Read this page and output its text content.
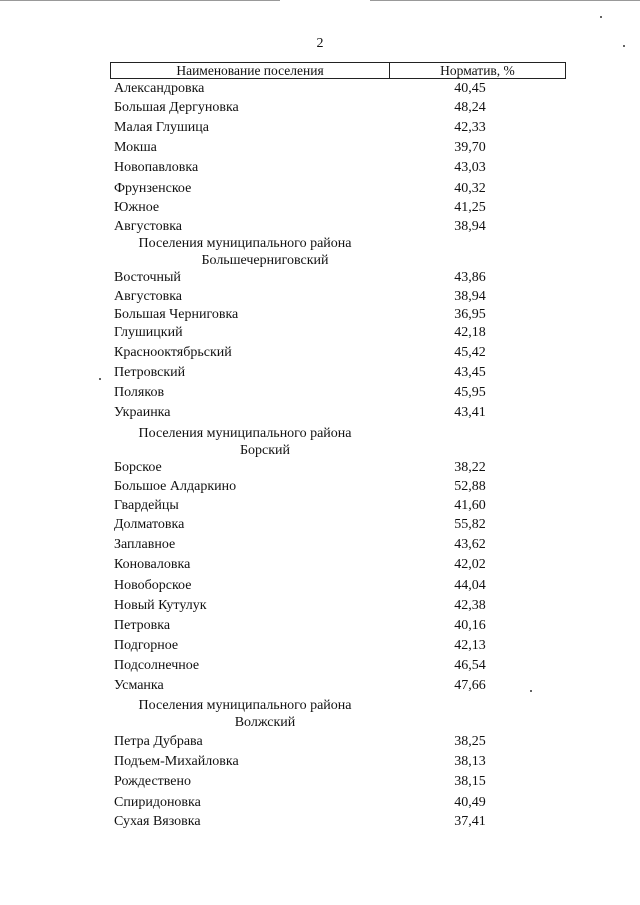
2
Наименование поселения	Норматив, %
Александровка	40,45
Большая Дергуновка	48,24
Малая Глушица	42,33
Мокша	39,70
Новопавловка	43,03
Фрунзенское	40,32
Южное	41,25
Августовка	38,94
Поселения муниципального района
Большечерниговский
Восточный	43,86
Августовка	38,94
Большая Черниговка	36,95
Глушицкий	42,18
Краснооктябрьский	45,42
Петровский	43,45
Поляков	45,95
Украинка	43,41
Поселения муниципального района
Борский
Борское	38,22
Большое Алдаркино	52,88
Гвардейцы	41,60
Долматовка	55,82
Заплавное	43,62
Коноваловка	42,02
Новоборское	44,04
Новый Кутулук	42,38
Петровка	40,16
Подгорное	42,13
Подсолнечное	46,54
Усманка	47,66
Поселения муниципального района
Волжский
Петра Дубрава	38,25
Подъем-Михайловка	38,13
Рождествено	38,15
Спиридоновка	40,49
Сухая Вязовка	37,41
